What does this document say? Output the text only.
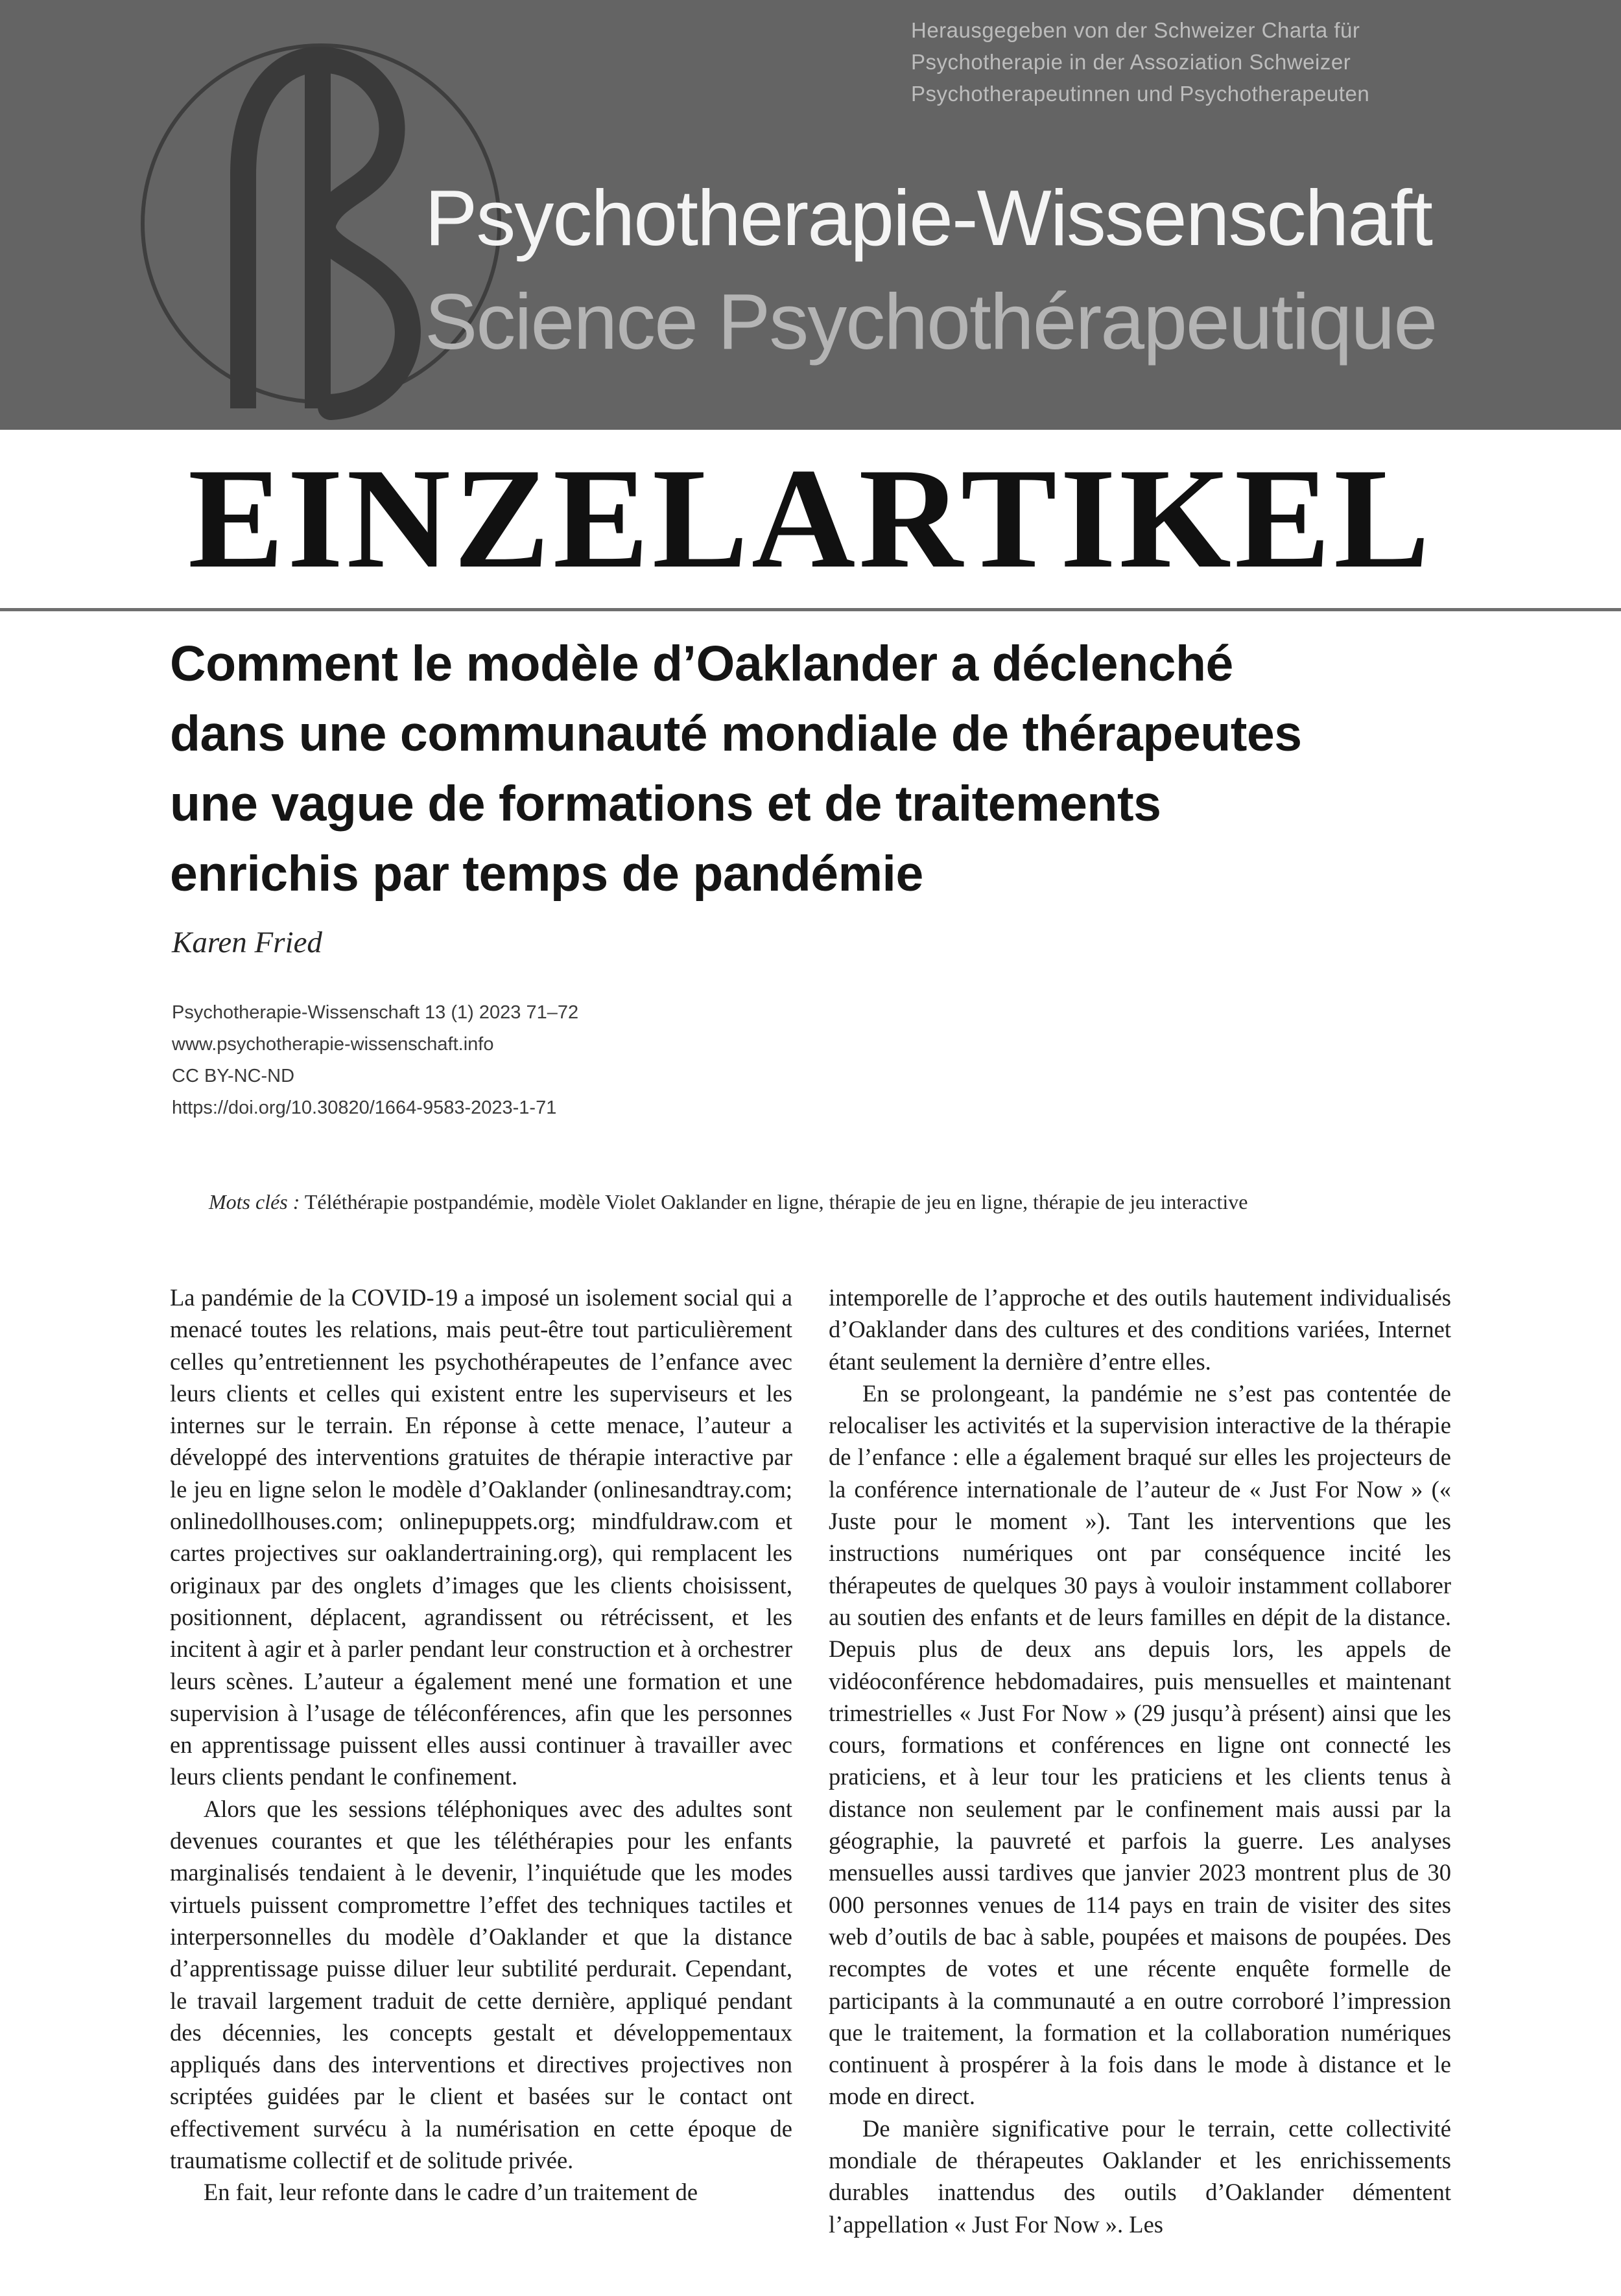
Herausgegeben von der Schweizer Charta für
Psychotherapie in der Assoziation Schweizer
Psychotherapeutinnen und Psychotherapeuten
Psychotherapie-Wissenschaft
Science Psychothérapeutique
EINZELARTIKEL
Comment le modèle d’Oaklander a déclenché
dans une communauté mondiale de thérapeutes
une vague de formations et de traitements
enrichis par temps de pandémie
Karen Fried
Psychotherapie-Wissenschaft 13 (1) 2023 71–72
www.psychotherapie-wissenschaft.info
CC BY-NC-ND
https://doi.org/10.30820/1664-9583-2023-1-71
Mots clés : Téléthérapie postpandémie, modèle Violet Oaklander en ligne, thérapie de jeu en ligne, thérapie de jeu interactive

La pandémie de la COVID-19 a imposé un isolement social qui a menacé toutes les relations, mais peut-être tout particulièrement celles qu’entretiennent les psychothérapeutes de l’enfance avec leurs clients et celles qui existent entre les superviseurs et les internes sur le terrain. En réponse à cette menace, l’auteur a développé des interventions gratuites de thérapie interactive par le jeu en ligne selon le modèle d’Oaklander (onlinesandtray.com; onlinedollhouses.com; onlinepuppets.org; mindfuldraw.com et cartes projectives sur oaklandertraining.org), qui remplacent les originaux par des onglets d’images que les clients choisissent, positionnent, déplacent, agrandissent ou rétrécissent, et les incitent à agir et à parler pendant leur construction et à orchestrer leurs scènes. L’auteur a également mené une formation et une supervision à l’usage de téléconférences, afin que les personnes en apprentissage puissent elles aussi continuer à travailler avec leurs clients pendant le confinement.

Alors que les sessions téléphoniques avec des adultes sont devenues courantes et que les téléthérapies pour les enfants marginalisés tendaient à le devenir, l’inquiétude que les modes virtuels puissent compromettre l’effet des techniques tactiles et interpersonnelles du modèle d’Oaklander et que la distance d’apprentissage puisse diluer leur subtilité perdurait. Cependant, le travail largement traduit de cette dernière, appliqué pendant des décennies, les concepts gestalt et développementaux appliqués dans des interventions et directives projectives non scriptées guidées par le client et basées sur le contact ont effectivement survécu à la numérisation en cette époque de traumatisme collectif et de solitude privée.

En fait, leur refonte dans le cadre d’un traitement de

intemporelle de l’approche et des outils hautement individualisés d’Oaklander dans des cultures et des conditions variées, Internet étant seulement la dernière d’entre elles.

En se prolongeant, la pandémie ne s’est pas contentée de relocaliser les activités et la supervision interactive de la thérapie de l’enfance : elle a également braqué sur elles les projecteurs de la conférence internationale de l’auteur de « Just For Now » (« Juste pour le moment »). Tant les interventions que les instructions numériques ont par conséquence incité les thérapeutes de quelques 30 pays à vouloir instamment collaborer au soutien des enfants et de leurs familles en dépit de la distance. Depuis plus de deux ans depuis lors, les appels de vidéoconférence hebdomadaires, puis mensuelles et maintenant trimestrielles « Just For Now » (29 jusqu’à présent) ainsi que les cours, formations et conférences en ligne ont connecté les praticiens, et à leur tour les praticiens et les clients tenus à distance non seulement par le confinement mais aussi par la géographie, la pauvreté et parfois la guerre. Les analyses mensuelles aussi tardives que janvier 2023 montrent plus de 30 000 personnes venues de 114 pays en train de visiter des sites web d’outils de bac à sable, poupées et maisons de poupées. Des recomptes de votes et une récente enquête formelle de participants à la communauté a en outre corroboré l’impression que le traitement, la formation et la collaboration numériques continuent à prospérer à la fois dans le mode à distance et le mode en direct.

De manière significative pour le terrain, cette collectivité mondiale de thérapeutes Oaklander et les enrichissements durables inattendus des outils d’Oaklander démentent l’appellation « Just For Now ». Les
